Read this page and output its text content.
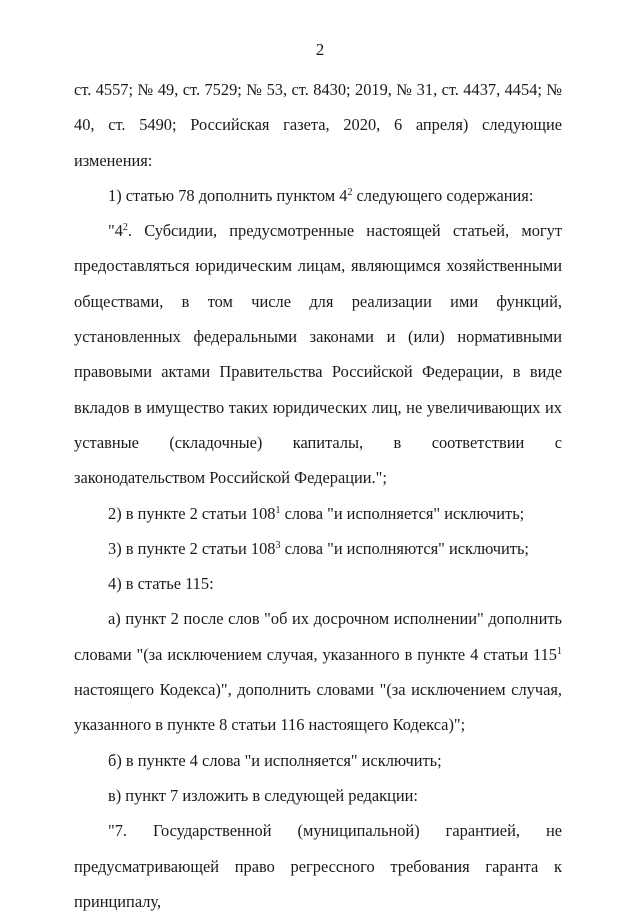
2

ст. 4557; № 49, ст. 7529; № 53, ст. 8430; 2019, № 31, ст. 4437, 4454; № 40, ст. 5490; Российская газета, 2020, 6 апреля) следующие изменения:

1) статью 78 дополнить пунктом $4^2$ следующего содержания:

"$4^2$. Субсидии, предусмотренные настоящей статьей, могут предоставляться юридическим лицам, являющимся хозяйственными обществами, в том числе для реализации ими функций, установленных федеральными законами и (или) нормативными правовыми актами Правительства Российской Федерации, в виде вкладов в имущество таких юридических лиц, не увеличивающих их уставные (складочные) капиталы, в соответствии с законодательством Российской Федерации.";

2) в пункте 2 статьи $108^1$ слова "и исполняется" исключить;

3) в пункте 2 статьи $108^3$ слова "и исполняются" исключить;

4) в статье 115:

а) пункт 2 после слов "об их досрочном исполнении" дополнить словами "(за исключением случая, указанного в пункте 4 статьи $115^1$ настоящего Кодекса)", дополнить словами "(за исключением случая, указанного в пункте 8 статьи 116 настоящего Кодекса)";

б) в пункте 4 слова "и исполняется" исключить;

в) пункт 7 изложить в следующей редакции:

"7. Государственной (муниципальной) гарантией, не предусматривающей право регрессного требования гаранта к принципалу,
